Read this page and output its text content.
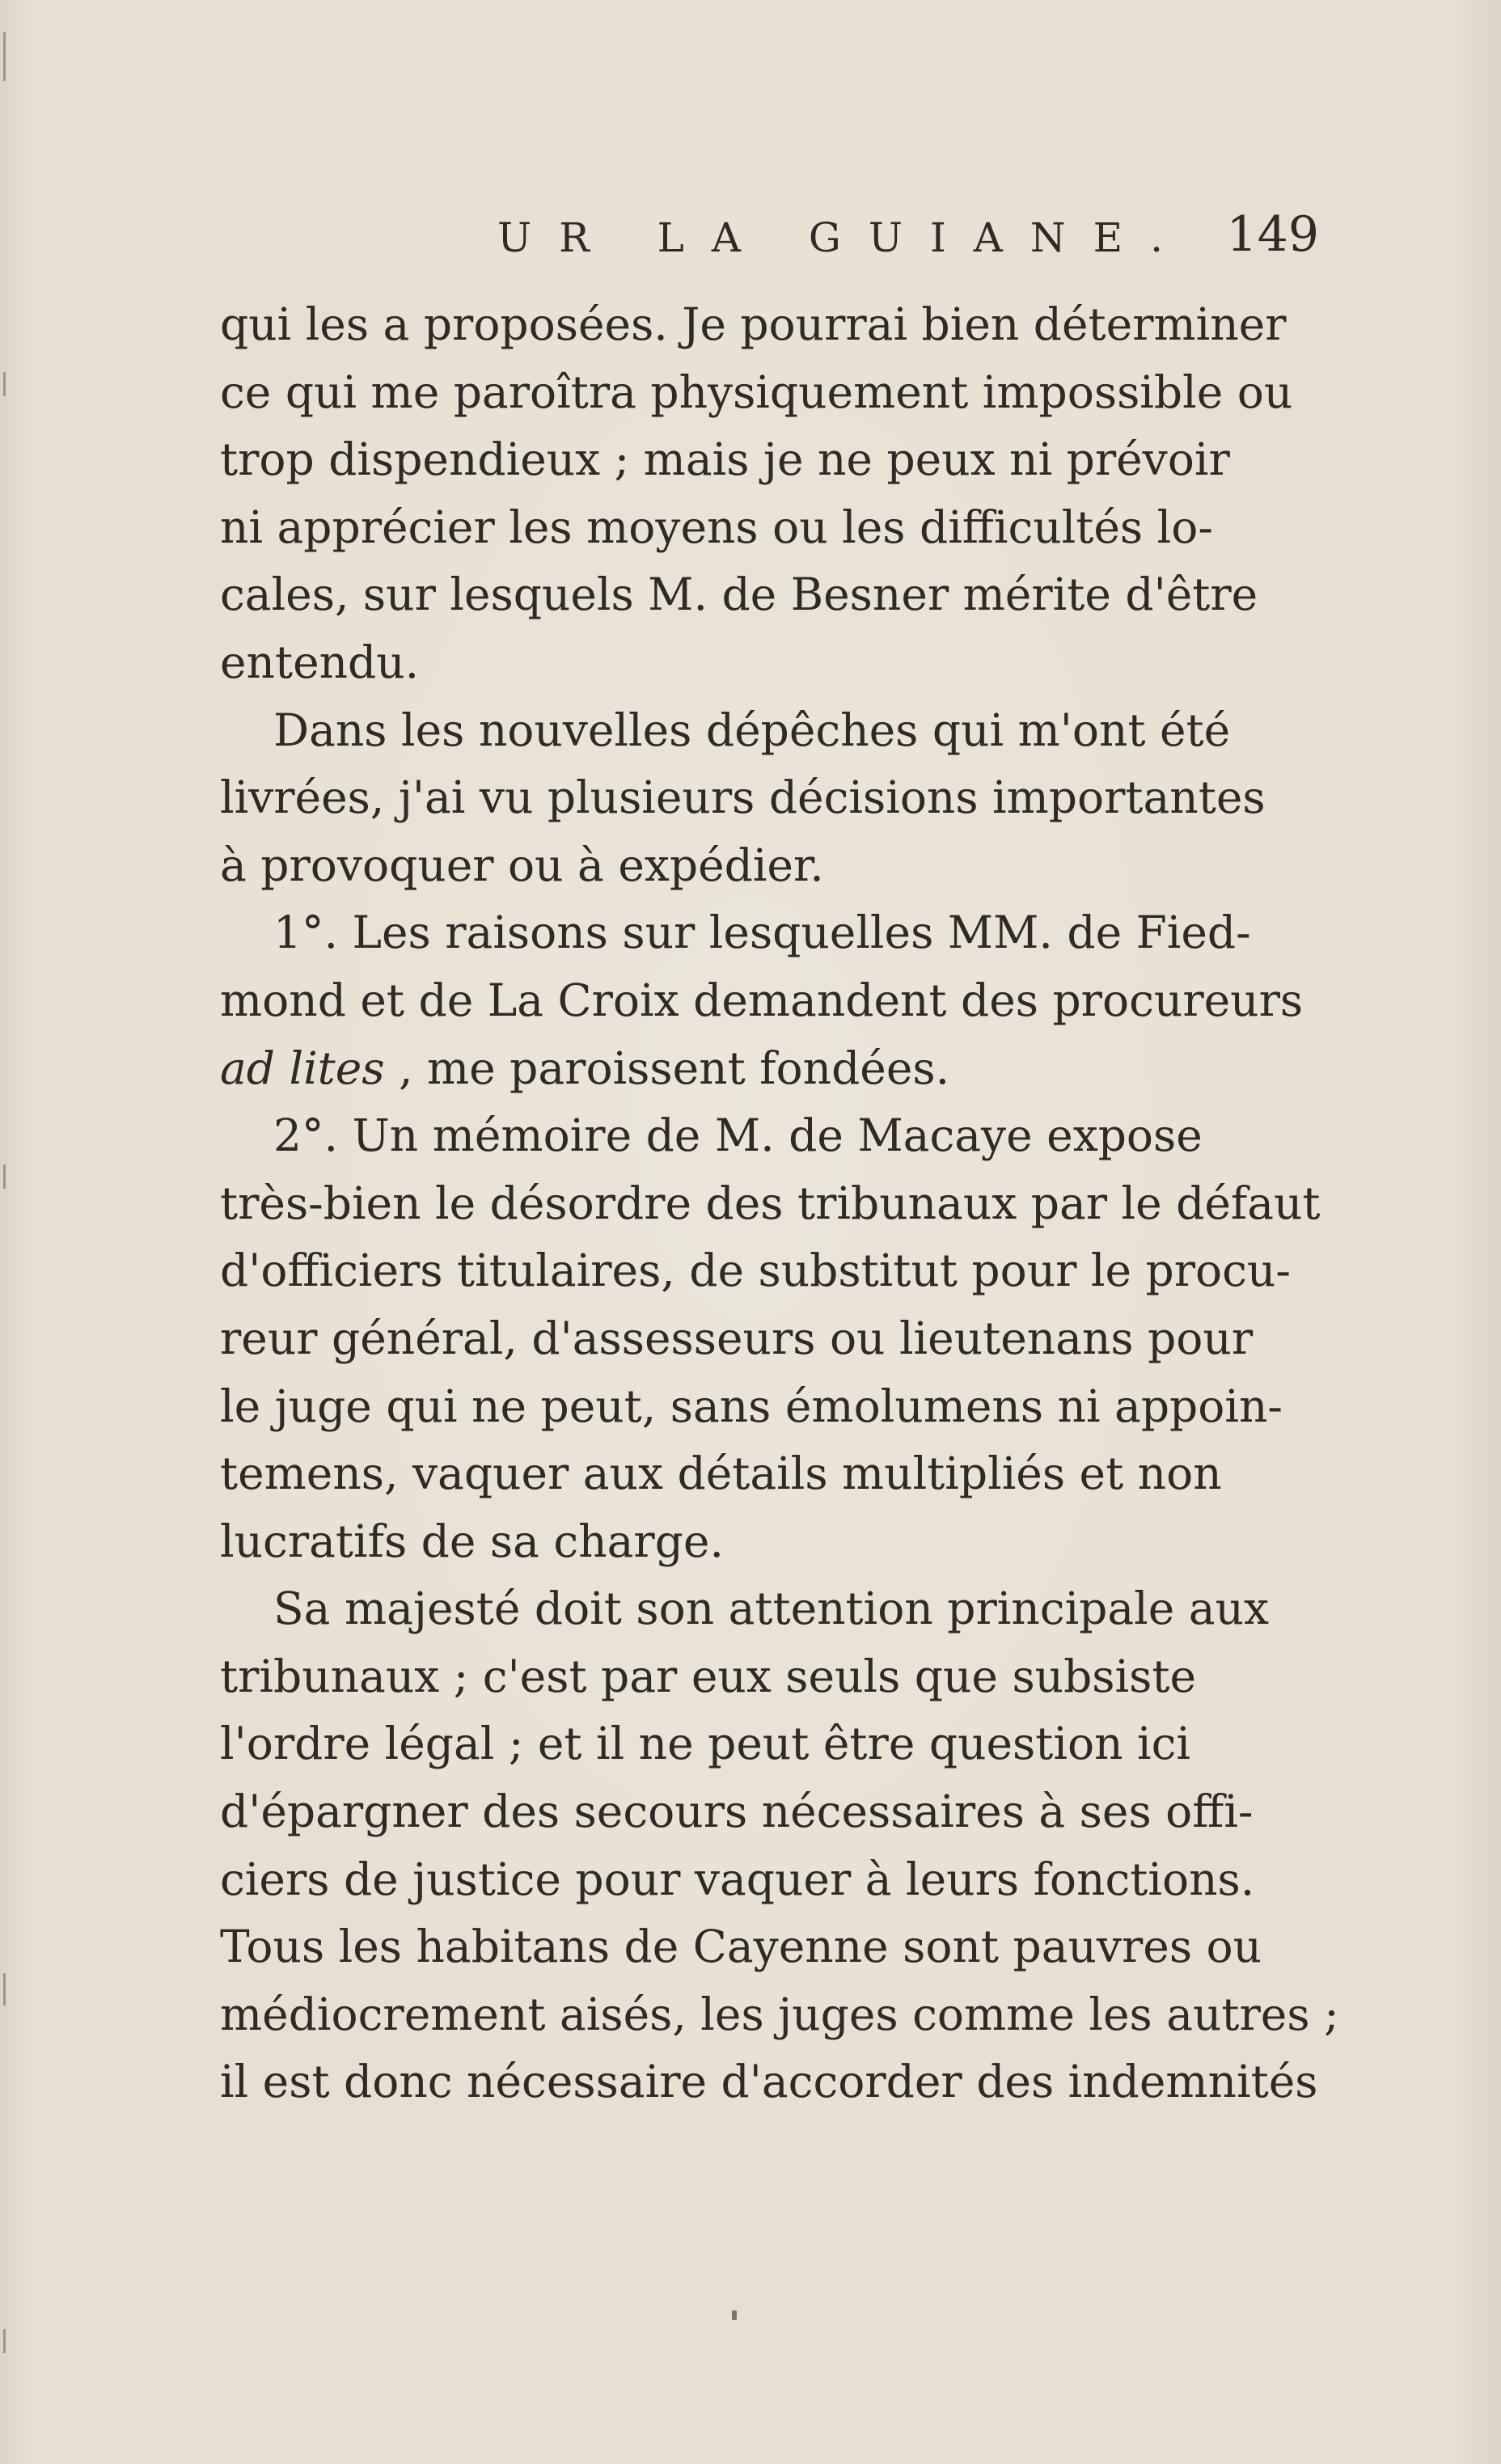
UR LA GUIANE. 149
qui les a proposées. Je pourrai bien déterminer
ce qui me paroîtra physiquement impossible ou
trop dispendieux ; mais je ne peux ni prévoir
ni apprécier les moyens ou les difficultés lo-
cales, sur lesquels M. de Besner mérite d'être
entendu.
Dans les nouvelles dépêches qui m'ont été
livrées, j'ai vu plusieurs décisions importantes
à provoquer ou à expédier.
1°. Les raisons sur lesquelles MM. de Fied-
mond et de La Croix demandent des procureurs
ad lites , me paroissent fondées.
2°. Un mémoire de M. de Macaye expose
très-bien le désordre des tribunaux par le défaut
d'officiers titulaires, de substitut pour le procu-
reur général, d'assesseurs ou lieutenans pour
le juge qui ne peut, sans émolumens ni appoin-
temens, vaquer aux détails multipliés et non
lucratifs de sa charge.
Sa majesté doit son attention principale aux
tribunaux ; c'est par eux seuls que subsiste
l'ordre légal ; et il ne peut être question ici
d'épargner des secours nécessaires à ses offi-
ciers de justice pour vaquer à leurs fonctions.
Tous les habitans de Cayenne sont pauvres ou
médiocrement aisés, les juges comme les autres ;
il est donc nécessaire d'accorder des indemnités
